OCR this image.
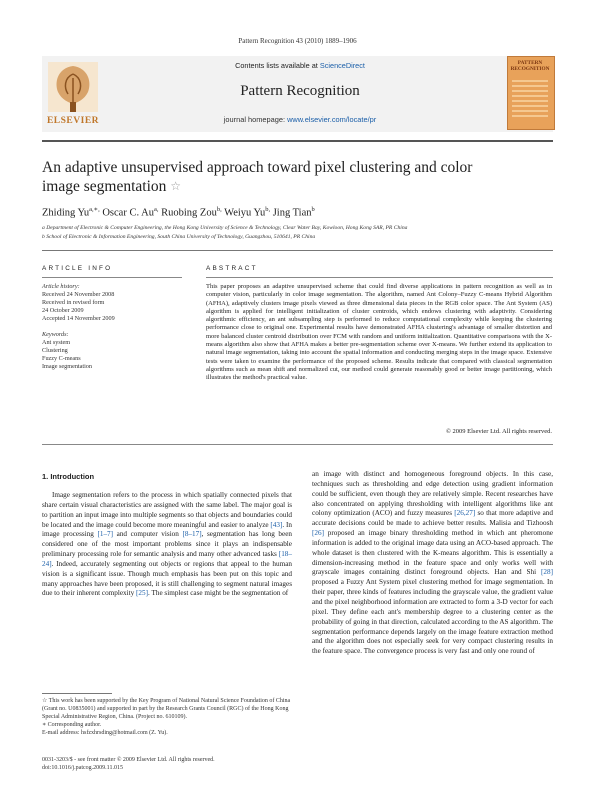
Pattern Recognition 43 (2010) 1889–1906
ELSEVIER
Contents lists available at ScienceDirect
Pattern Recognition
journal homepage: www.elsevier.com/locate/pr
PATTERN RECOGNITION
An adaptive unsupervised approach toward pixel clustering and color
image segmentation ☆
Zhiding $Yu^{a,∗,}$ Oscar C. $Au^{a,}$ Ruobing Zou$^{b,}$ Weiyu $Yu^{b,}$ Jing Tian$^b$
a Department of Electronic & Computer Engineering, the Hong Kong University of Science & Technology, Clear Water Bay, Kowloon, Hong Kong SAR, PR China
b School of Electronic & Information Engineering, South China University of Technology, Guangzhou, 510641, PR China
ARTICLE INFO	ABSTRACT
Article history:
Received 24 November 2008
Received in revised form
24 October 2009
Accepted 14 November 2009
Keywords:
Ant system
Clustering
Fuzzy C-means
Image segmentation
This paper proposes an adaptive unsupervised scheme that could find diverse applications in pattern recognition as well as in computer vision, particularly in color image segmentation. The algorithm, named Ant Colony–Fuzzy C-means Hybrid Algorithm (AFHA), adaptively clusters image pixels viewed as three dimensional data pieces in the RGB color space. The Ant System (AS) algorithm is applied for intelligent initialization of cluster centroids, which endows clustering with adaptivity. Considering algorithmic efficiency, an ant subsampling step is performed to reduce computational complexity while keeping the clustering performance close to original one. Experimental results have demonstrated AFHA clustering's advantage of smaller distortion and more balanced cluster centroid distribution over FCM with random and uniform initialization. Quantitative comparisons with the X-means algorithm also show that AFHA makes a better pre-segmentation scheme over X-means. We further extend its application to natural image segmentation, taking into account the spatial information and conducting merging steps in the image space. Extensive tests were taken to examine the performance of the proposed scheme. Results indicate that compared with classical segmentation algorithms such as mean shift and normalized cut, our method could generate reasonably good or better image partitioning, which illustrates the method's practical value.
© 2009 Elsevier Ltd. All rights reserved.
1. Introduction
Image segmentation refers to the process in which spatially connected pixels that share certain visual characteristics are assigned with the same label. The major goal is to partition an input image into multiple segments so that objects and boundaries could be located and the image could become more meaningful and easier to analyze [43]. In image processing [1–7] and computer vision [8–17], segmentation has long been considered one of the most important problems since it plays an indispensable preliminary processing role for semantic analysis and many other advanced tasks [18–24]. Indeed, accurately segmenting out objects or regions that appeal to the human vision is a significant issue. Though much emphasis has been put on this topic and many approaches have been proposed, it is still challenging to segment natural images due to their inherent complexity [25]. The simplest case might be the segmentation of
an image with distinct and homogeneous foreground objects. In this case, techniques such as thresholding and edge detection using gradient information could be sufficient, even though they are relatively simple. Recent researches have also concentrated on applying thresholding with intelligent algorithms like ant colony optimization (ACO) and fuzzy measures [26,27] so that more adaptive and accurate decisions could be made to achieve better results. Malisia and Tizhoosh [26] proposed an image binary thresholding method in which ant pheromone information is added to the original image data using an ACO-based approach. The whole dataset is then clustered with the K-means algorithm. This is essentially a dimension-increasing method in the feature space and only works well with grayscale images containing distinct foreground objects. Han and Shi [28] proposed a Fuzzy Ant System pixel clustering method for image segmentation. In their paper, three kinds of features including the grayscale value, the gradient value and the pixel neighborhood information are extracted to form a 3-D vector for each pixel. They define each ant's membership degree to a clustering center as the probability of going in that direction, calculated according to the AS algorithm. The segmentation performance depends largely on the image feature extraction method and the algorithm does not especially seek for very compact clustering results in the feature space. The convergence process is very fast and only one round of
☆ This work has been supported by the Key Program of National Natural Science Foundation of China (Grant no. U0835001) and supported in part by the Research Grants Council (RGC) of the Hong Kong Special Administrative Region, China. (Project no. 610109).
∗ Corresponding author.
E-mail address: hsfzxhrsding@hotmail.com (Z. Yu).
0031-3203/$ - see front matter © 2009 Elsevier Ltd. All rights reserved.
doi:10.1016/j.patcog.2009.11.015
